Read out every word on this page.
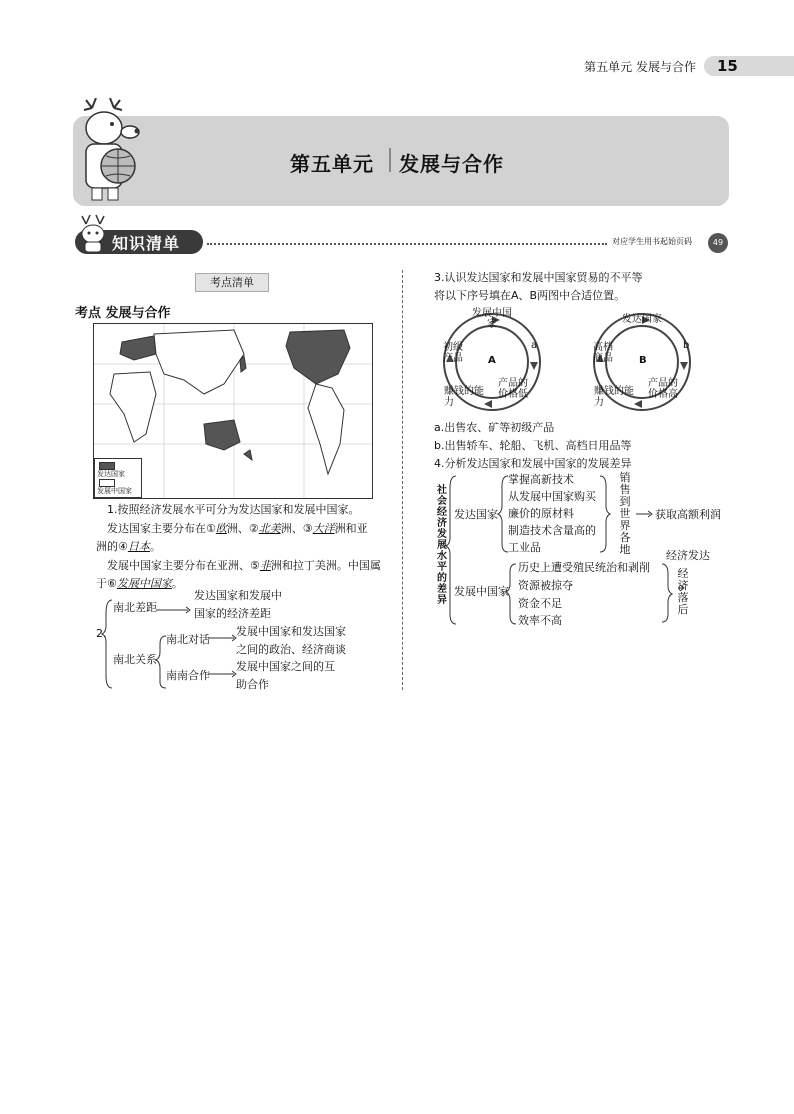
第五单元 发展与合作 15
第五单元 发展与合作
知识清单	对应学生用书起始页码	49
考点清单
考点 发展与合作
发达国家
发展中国家
1.按照经济发展水平可分为发达国家和发展中国家。
发达国家主要分布在①欧洲、②北美洲、③大洋洲和亚
洲的④日本。
发展中国家主要分布在亚洲、⑤非洲和拉丁美洲。中国属
于⑥发展中国家。
2.
南北差距
发达国家和发展中
国家的经济差距
南北关系
南北对话
发展中国家和发达国家
之间的政治、经济商谈
南南合作
发展中国家之间的互
助合作
3.认识发达国家和发展中国家贸易的不平等
将以下序号填在A、B两图中合适位置。
发展中国家
初级产品
a
A
赚钱的能力
产品的价格低
发达国家
高档商品
b
B
赚钱的能力
产品的价格高
a.出售农、矿等初级产品
b.出售轿车、轮船、飞机、高档日用品等
4.分析发达国家和发展中国家的发展差异
社
会
经
济
发
展
水
平
的
差
异
发达国家
掌握高新技术
从发展中国家购买
廉价的原材料
制造技术含量高的
工业品
销
售
到
世
界
各
地
获取高额利润
经济发达
发展中国家
历史上遭受殖民统治和剥削
资源被掠夺
资金不足
效率不高
经
济
落
后
